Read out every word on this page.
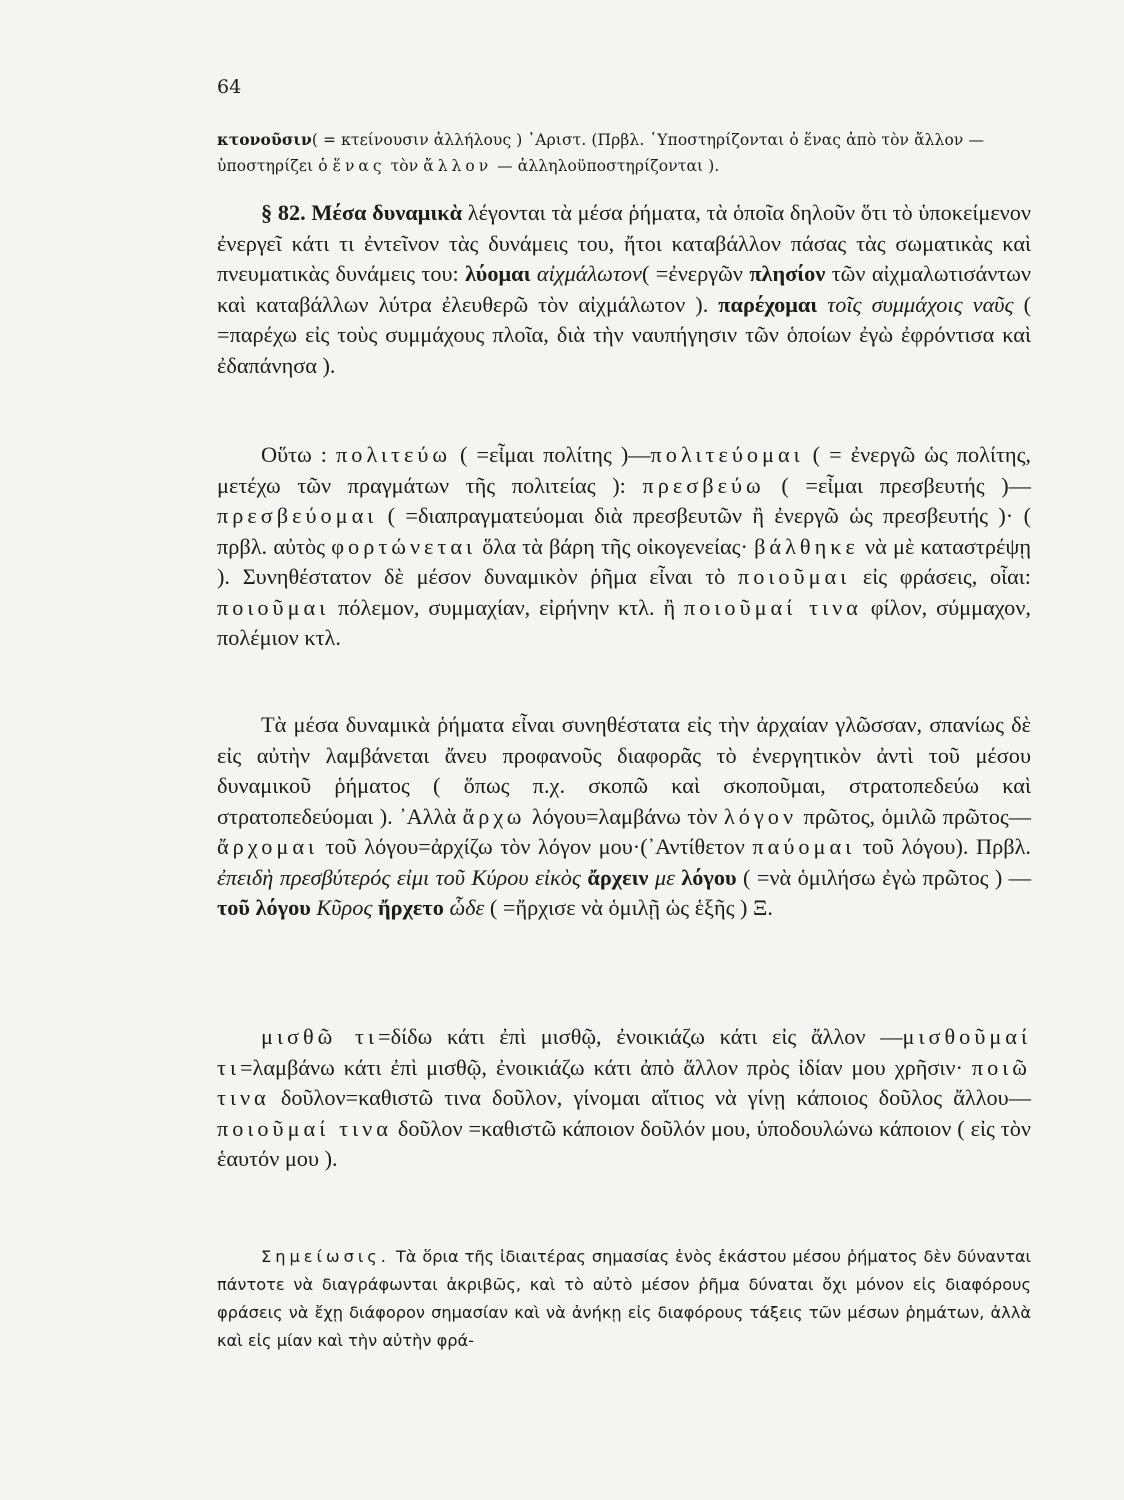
64

κτονοῦσιν( = κτείνουσιν ἀλλήλους ) ᾿Αριστ. (Πρβλ. ῾Υποστηρίζονται ὁ ἕνας ἀπὸ τὸν ἄλλον — ὑποστηρίζει ὁ ἕνας τὸν ἄλλον — ἀλληλοϋποστηρίζονται ).

§ 82. Μέσα δυναμικὰ λέγονται τὰ μέσα ῥήματα, τὰ ὁποῖα δηλοῦν ὅτι τὸ ὑποκείμενον ἐνεργεῖ κάτι τι ἐντεῖνον τὰς δυνάμεις του, ἤτοι καταβάλλον πάσας τὰς σωματικὰς καὶ πνευματικὰς δυνάμεις του: λύομαι αἰχμάλωτον( =ἐνεργῶν πλησίον τῶν αἰχμαλωτισάντων καὶ καταβάλλων λύτρα ἐλευθερῶ τὸν αἰχμάλωτον ). παρέχομαι τοῖς συμμάχοις ναῦς ( =παρέχω εἰς τοὺς συμμάχους πλοῖα, διὰ τὴν ναυπήγησιν τῶν ὁποίων ἐγὼ ἐφρόντισα καὶ ἐδαπάνησα ).

Οὕτω : πολιτεύω ( =εἶμαι πολίτης )—πολιτεύομαι ( = ἐνεργῶ ὡς πολίτης, μετέχω τῶν πραγμάτων τῆς πολιτείας ): πρεσβεύω ( =εἶμαι πρεσβευτής )—πρεσβεύομαι ( =διαπραγματεύομαι διὰ πρεσβευτῶν ἢ ἐνεργῶ ὡς πρεσβευτής )· ( πρβλ. αὐτὸς φορτώνεται ὅλα τὰ βάρη τῆς οἰκογενείας· βάλθηκε νὰ μὲ καταστρέψῃ ). Συνηθέστατον δὲ μέσον δυναμικὸν ῥῆμα εἶναι τὸ ποιοῦμαι εἰς φράσεις, οἷαι: ποιοῦμαι πόλεμον, συμμαχίαν, εἰρήνην κτλ. ἢ ποιοῦμαί τινα φίλον, σύμμαχον, πολέμιον κτλ.

Τὰ μέσα δυναμικὰ ῥήματα εἶναι συνηθέστατα εἰς τὴν ἀρχαίαν γλῶσσαν, σπανίως δὲ εἰς αὐτὴν λαμβάνεται ἄνευ προφανοῦς διαφορᾶς τὸ ἐνεργητικὸν ἀντὶ τοῦ μέσου δυναμικοῦ ῥήματος ( ὅπως π.χ. σκοπῶ καὶ σκοποῦμαι, στρατοπεδεύω καὶ στρατοπεδεύομαι ). ᾿Αλλὰ ἄρχω λόγου=λαμβάνω τὸν λόγον πρῶτος, ὁμιλῶ πρῶτος—ἄρχομαι τοῦ λόγου=ἀρχίζω τὸν λόγον μου·(᾿Αντίθετον παύομαι τοῦ λόγου). Πρβλ. ἐπειδὴ πρεσβύτερός εἰμι τοῦ Κύρου εἰκὸς ἄρχειν με λόγου ( =νὰ ὁμιλήσω ἐγὼ πρῶτος ) — τοῦ λόγου Κῦρος ἤρχετο ὧδε ( =ἤρχισε νὰ ὁμιλῇ ὡς ἑξῆς ) Ξ.

μισθῶ τι=δίδω κάτι ἐπὶ μισθῷ, ἐνοικιάζω κάτι εἰς ἄλλον —μισθοῦμαί τι=λαμβάνω κάτι ἐπὶ μισθῷ, ἐνοικιάζω κάτι ἀπὸ ἄλλον πρὸς ἰδίαν μου χρῆσιν· ποιῶ τινα δοῦλον=καθιστῶ τινα δοῦλον, γίνομαι αἴτιος νὰ γίνῃ κάποιος δοῦλος ἄλλου—ποιοῦμαί τινα δοῦλον =καθιστῶ κάποιον δοῦλόν μου, ὑποδουλώνω κάποιον ( εἰς τὸν ἑαυτόν μου ).

Σημείωσις. Τὰ ὅρια τῆς ἰδιαιτέρας σημασίας ἑνὸς ἑκάστου μέσου ῥήματος δὲν δύνανται πάντοτε νὰ διαγράφωνται ἀκριβῶς, καὶ τὸ αὐτὸ μέσον ῥῆμα δύναται ὄχι μόνον εἰς διαφόρους φράσεις νὰ ἔχῃ διάφορον σημασίαν καὶ νὰ ἀνήκῃ εἰς διαφόρους τάξεις τῶν μέσων ῥημάτων, ἀλλὰ καὶ εἰς μίαν καὶ τὴν αὐτὴν φρά-
